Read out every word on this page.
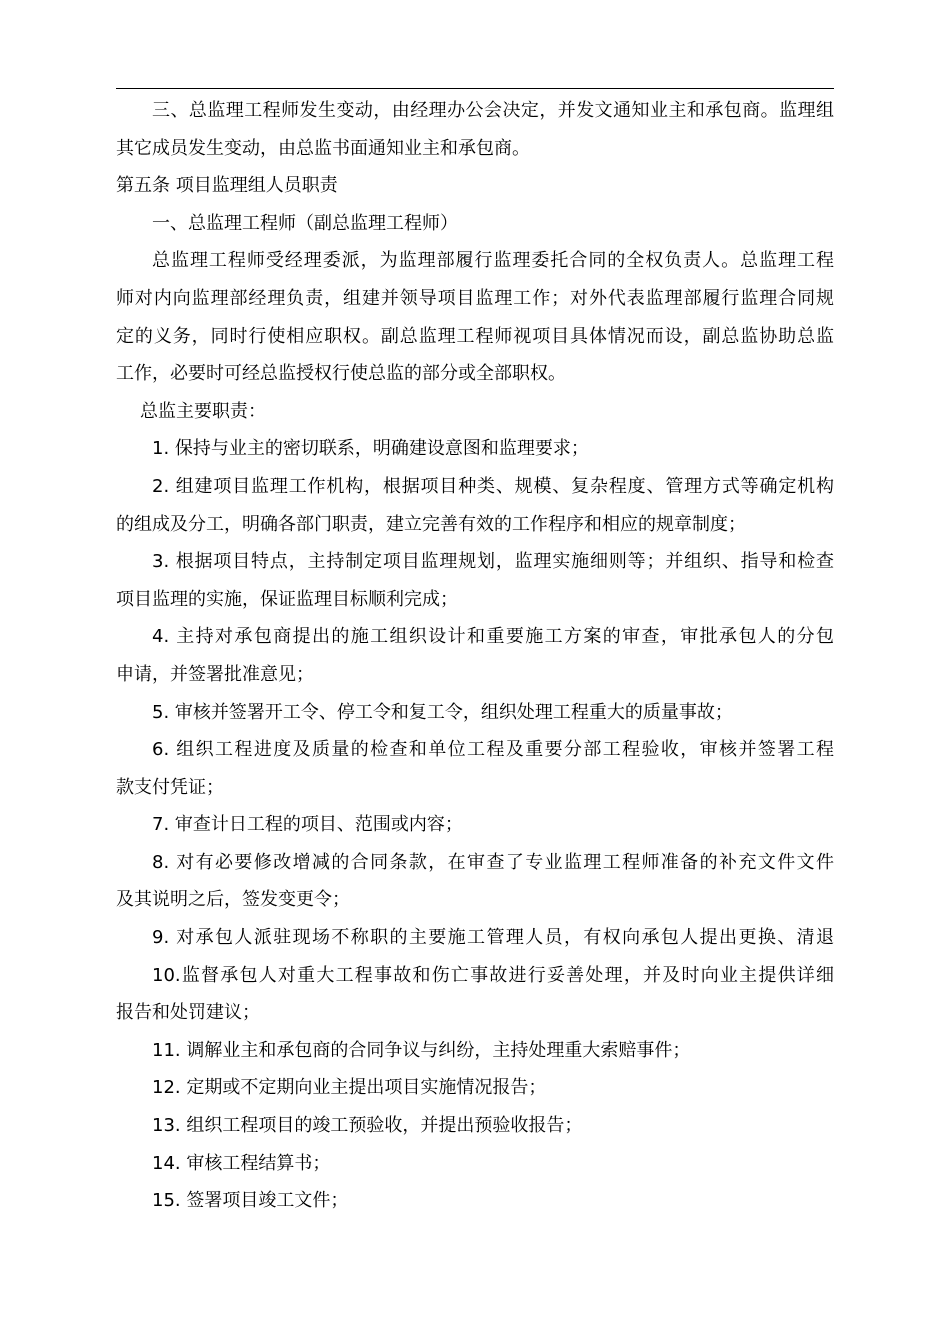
三、总监理工程师发生变动，由经理办公会决定，并发文通知业主和承包商。监理组
其它成员发生变动，由总监书面通知业主和承包商。
第五条 项目监理组人员职责
一、总监理工程师（副总监理工程师）
总监理工程师受经理委派，为监理部履行监理委托合同的全权负责人。总监理工程
师对内向监理部经理负责，组建并领导项目监理工作；对外代表监理部履行监理合同规
定的义务，同时行使相应职权。副总监理工程师视项目具体情况而设，副总监协助总监
工作，必要时可经总监授权行使总监的部分或全部职权。
总监主要职责：
1. 保持与业主的密切联系，明确建设意图和监理要求；
2. 组建项目监理工作机构，根据项目种类、规模、复杂程度、管理方式等确定机构
的组成及分工，明确各部门职责，建立完善有效的工作程序和相应的规章制度；
3. 根据项目特点，主持制定项目监理规划，监理实施细则等；并组织、指导和检查
项目监理的实施，保证监理目标顺利完成；
4. 主持对承包商提出的施工组织设计和重要施工方案的审查，审批承包人的分包
申请，并签署批准意见；
5. 审核并签署开工令、停工令和复工令，组织处理工程重大的质量事故；
6. 组织工程进度及质量的检查和单位工程及重要分部工程验收，审核并签署工程
款支付凭证；
7. 审查计日工程的项目、范围或内容；
8. 对有必要修改增减的合同条款，在审查了专业监理工程师准备的补充文件文件
及其说明之后，签发变更令；
9. 对承包人派驻现场不称职的主要施工管理人员，有权向承包人提出更换、清退
10.监督承包人对重大工程事故和伤亡事故进行妥善处理，并及时向业主提供详细
报告和处罚建议；
11. 调解业主和承包商的合同争议与纠纷，主持处理重大索赔事件；
12. 定期或不定期向业主提出项目实施情况报告；
13. 组织工程项目的竣工预验收，并提出预验收报告；
14. 审核工程结算书；
15. 签署项目竣工文件；
